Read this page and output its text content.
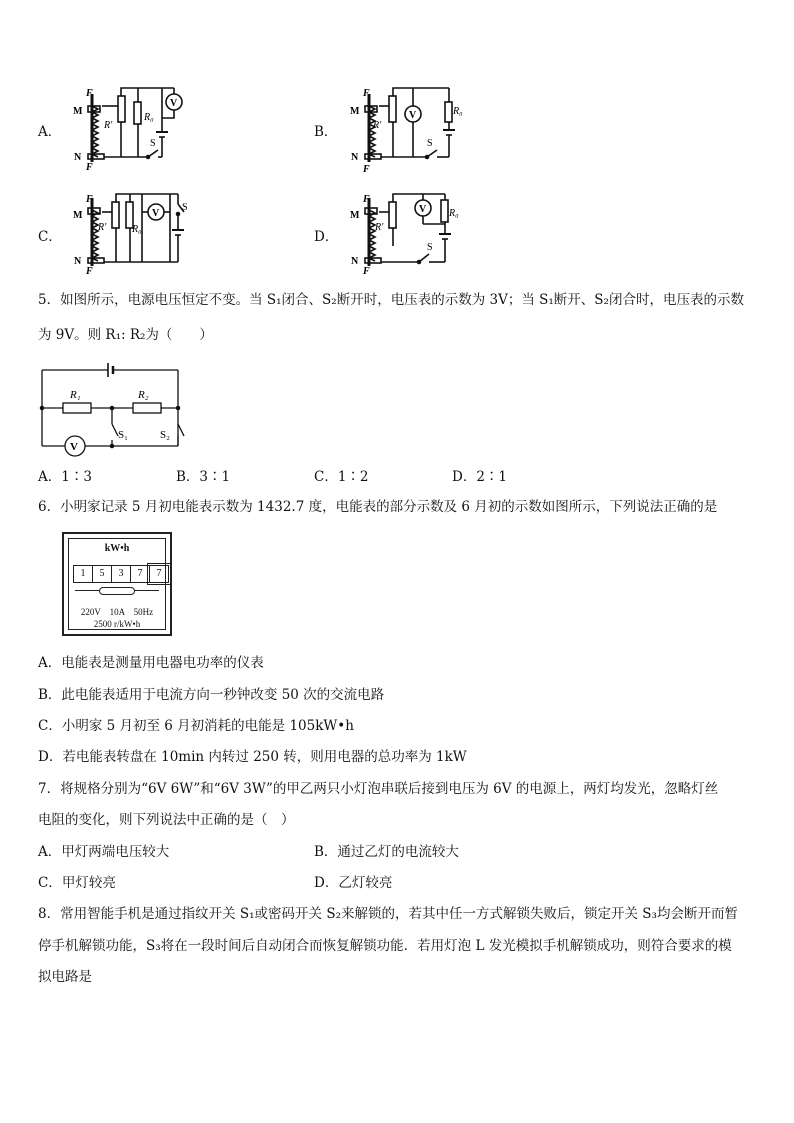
A．	B．
C．	D．
M
F
R'
R₀
V
S
N
F
M
F
R'
R₀
V
S
N
F
M
F
R'	R₀
V
S
N
F
M
F
R'
R₀
V
S
N
F
5．如图所示，电源电压恒定不变。当 S₁闭合、S₂断开时，电压表的示数为 3V；当 S₁断开、S₂闭合时，电压表的示数
为 9V。则 R₁: R₂为（　　）
R₁	R₂
V
S₁	S₂
A．1∶3	B．3∶1	C．1∶2	D．2∶1
6．小明家记录 5 月初电能表示数为 1432.7 度，电能表的部分示数及 6 月初的示数如图所示，下列说法正确的是
kW•h
1	5	3	7	7
220V　10A　50Hz
2500 r/kW•h
A．电能表是测量用电器电功率的仪表
B．此电能表适用于电流方向一秒钟改变 50 次的交流电路
C．小明家 5 月初至 6 月初消耗的电能是 105kW•h
D．若电能表转盘在 10min 内转过 250 转，则用电器的总功率为 1kW
7．将规格分别为“6V 6W”和“6V 3W”的甲乙两只小灯泡串联后接到电压为 6V 的电源上，两灯均发光，忽略灯丝
电阻的变化，则下列说法中正确的是（　）
A．甲灯两端电压较大	B．通过乙灯的电流较大
C．甲灯较亮	D．乙灯较亮
8．常用智能手机是通过指纹开关 S₁或密码开关 S₂来解锁的，若其中任一方式解锁失败后，锁定开关 S₃均会断开而暂
停手机解锁功能，S₃将在一段时间后自动闭合而恢复解锁功能．若用灯泡 L 发光模拟手机解锁成功，则符合要求的模
拟电路是
